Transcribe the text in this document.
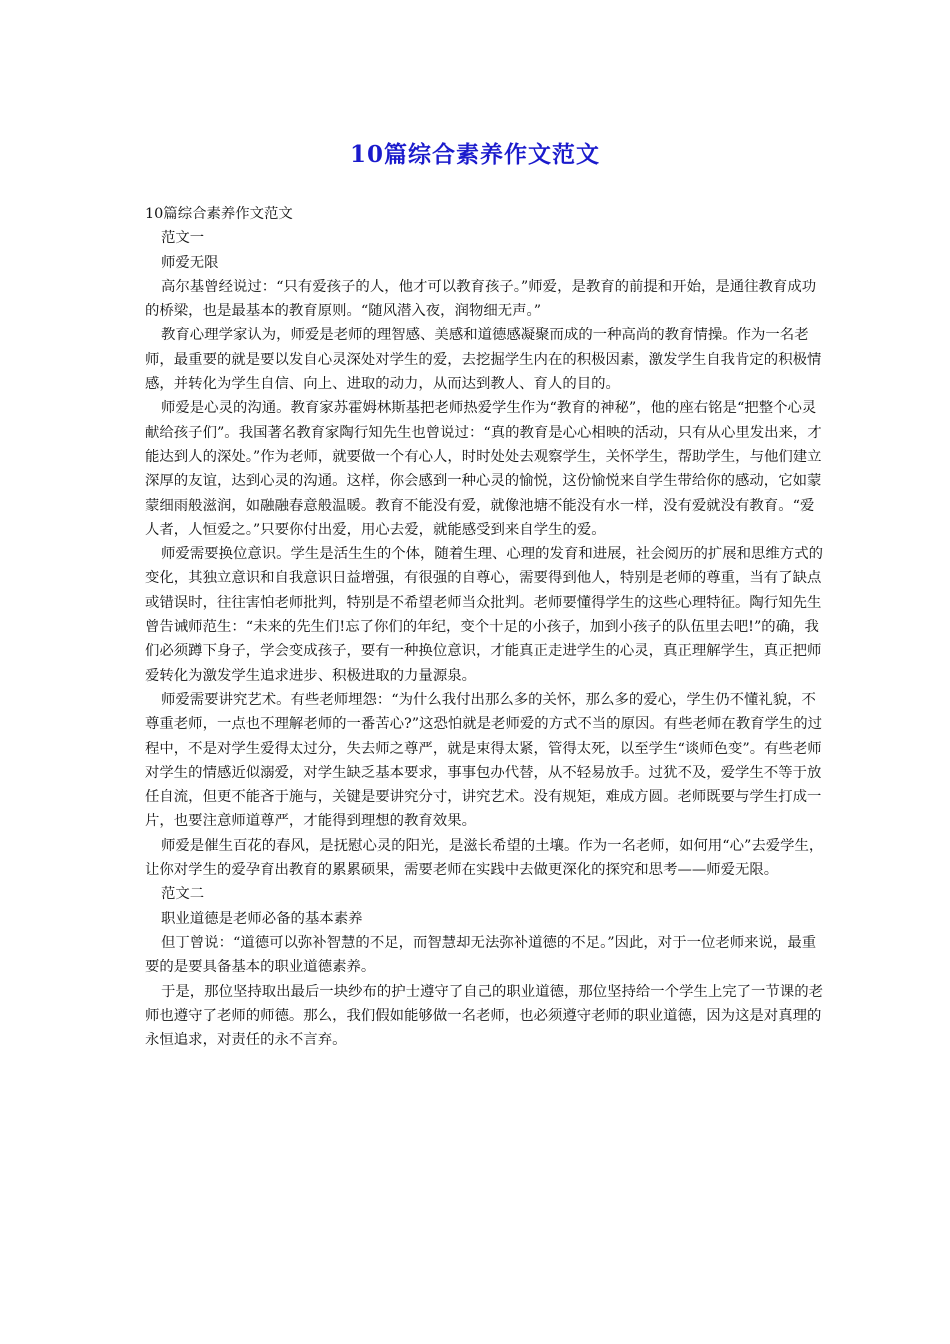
10篇综合素养作文范文

10篇综合素养作文范文

范文一

师爱无限

高尔基曾经说过：“只有爱孩子的人，他才可以教育孩子。”师爱，是教育的前提和开始，是通往教育成功的桥梁，也是最基本的教育原则。“随风潜入夜，润物细无声。”

教育心理学家认为，师爱是老师的理智感、美感和道德感凝聚而成的一种高尚的教育情操。作为一名老师，最重要的就是要以发自心灵深处对学生的爱，去挖掘学生内在的积极因素，激发学生自我肯定的积极情感，并转化为学生自信、向上、进取的动力，从而达到教人、育人的目的。

师爱是心灵的沟通。教育家苏霍姆林斯基把老师热爱学生作为“教育的神秘”，他的座右铭是“把整个心灵献给孩子们”。我国著名教育家陶行知先生也曾说过：“真的教育是心心相映的活动，只有从心里发出来，才能达到人的深处。”作为老师，就要做一个有心人，时时处处去观察学生，关怀学生，帮助学生，与他们建立深厚的友谊，达到心灵的沟通。这样，你会感到一种心灵的愉悦，这份愉悦来自学生带给你的感动，它如蒙蒙细雨般滋润，如融融春意般温暖。教育不能没有爱，就像池塘不能没有水一样，没有爱就没有教育。“爱人者，人恒爱之。”只要你付出爱，用心去爱，就能感受到来自学生的爱。

师爱需要换位意识。学生是活生生的个体，随着生理、心理的发育和进展，社会阅历的扩展和思维方式的变化，其独立意识和自我意识日益增强，有很强的自尊心，需要得到他人，特别是老师的尊重，当有了缺点或错误时，往往害怕老师批判，特别是不希望老师当众批判。老师要懂得学生的这些心理特征。陶行知先生曾告诫师范生：“未来的先生们!忘了你们的年纪，变个十足的小孩子，加到小孩子的队伍里去吧!”的确，我们必须蹲下身子，学会变成孩子，要有一种换位意识，才能真正走进学生的心灵，真正理解学生，真正把师爱转化为激发学生追求进步、积极进取的力量源泉。

师爱需要讲究艺术。有些老师埋怨：“为什么我付出那么多的关怀，那么多的爱心，学生仍不懂礼貌，不尊重老师，一点也不理解老师的一番苦心?”这恐怕就是老师爱的方式不当的原因。有些老师在教育学生的过程中，不是对学生爱得太过分，失去师之尊严，就是束得太紧，管得太死，以至学生“谈师色变”。有些老师对学生的情感近似溺爱，对学生缺乏基本要求，事事包办代替，从不轻易放手。过犹不及，爱学生不等于放任自流，但更不能吝于施与，关键是要讲究分寸，讲究艺术。没有规矩，难成方圆。老师既要与学生打成一片，也要注意师道尊严，才能得到理想的教育效果。

师爱是催生百花的春风，是抚慰心灵的阳光，是滋长希望的土壤。作为一名老师，如何用“心”去爱学生，让你对学生的爱孕育出教育的累累硕果，需要老师在实践中去做更深化的探究和思考——师爱无限。

范文二

职业道德是老师必备的基本素养

但丁曾说：“道德可以弥补智慧的不足，而智慧却无法弥补道德的不足。”因此，对于一位老师来说，最重要的是要具备基本的职业道德素养。

于是，那位坚持取出最后一块纱布的护士遵守了自己的职业道德，那位坚持给一个学生上完了一节课的老师也遵守了老师的师德。那么，我们假如能够做一名老师，也必须遵守老师的职业道德，因为这是对真理的永恒追求，对责任的永不言弃。
